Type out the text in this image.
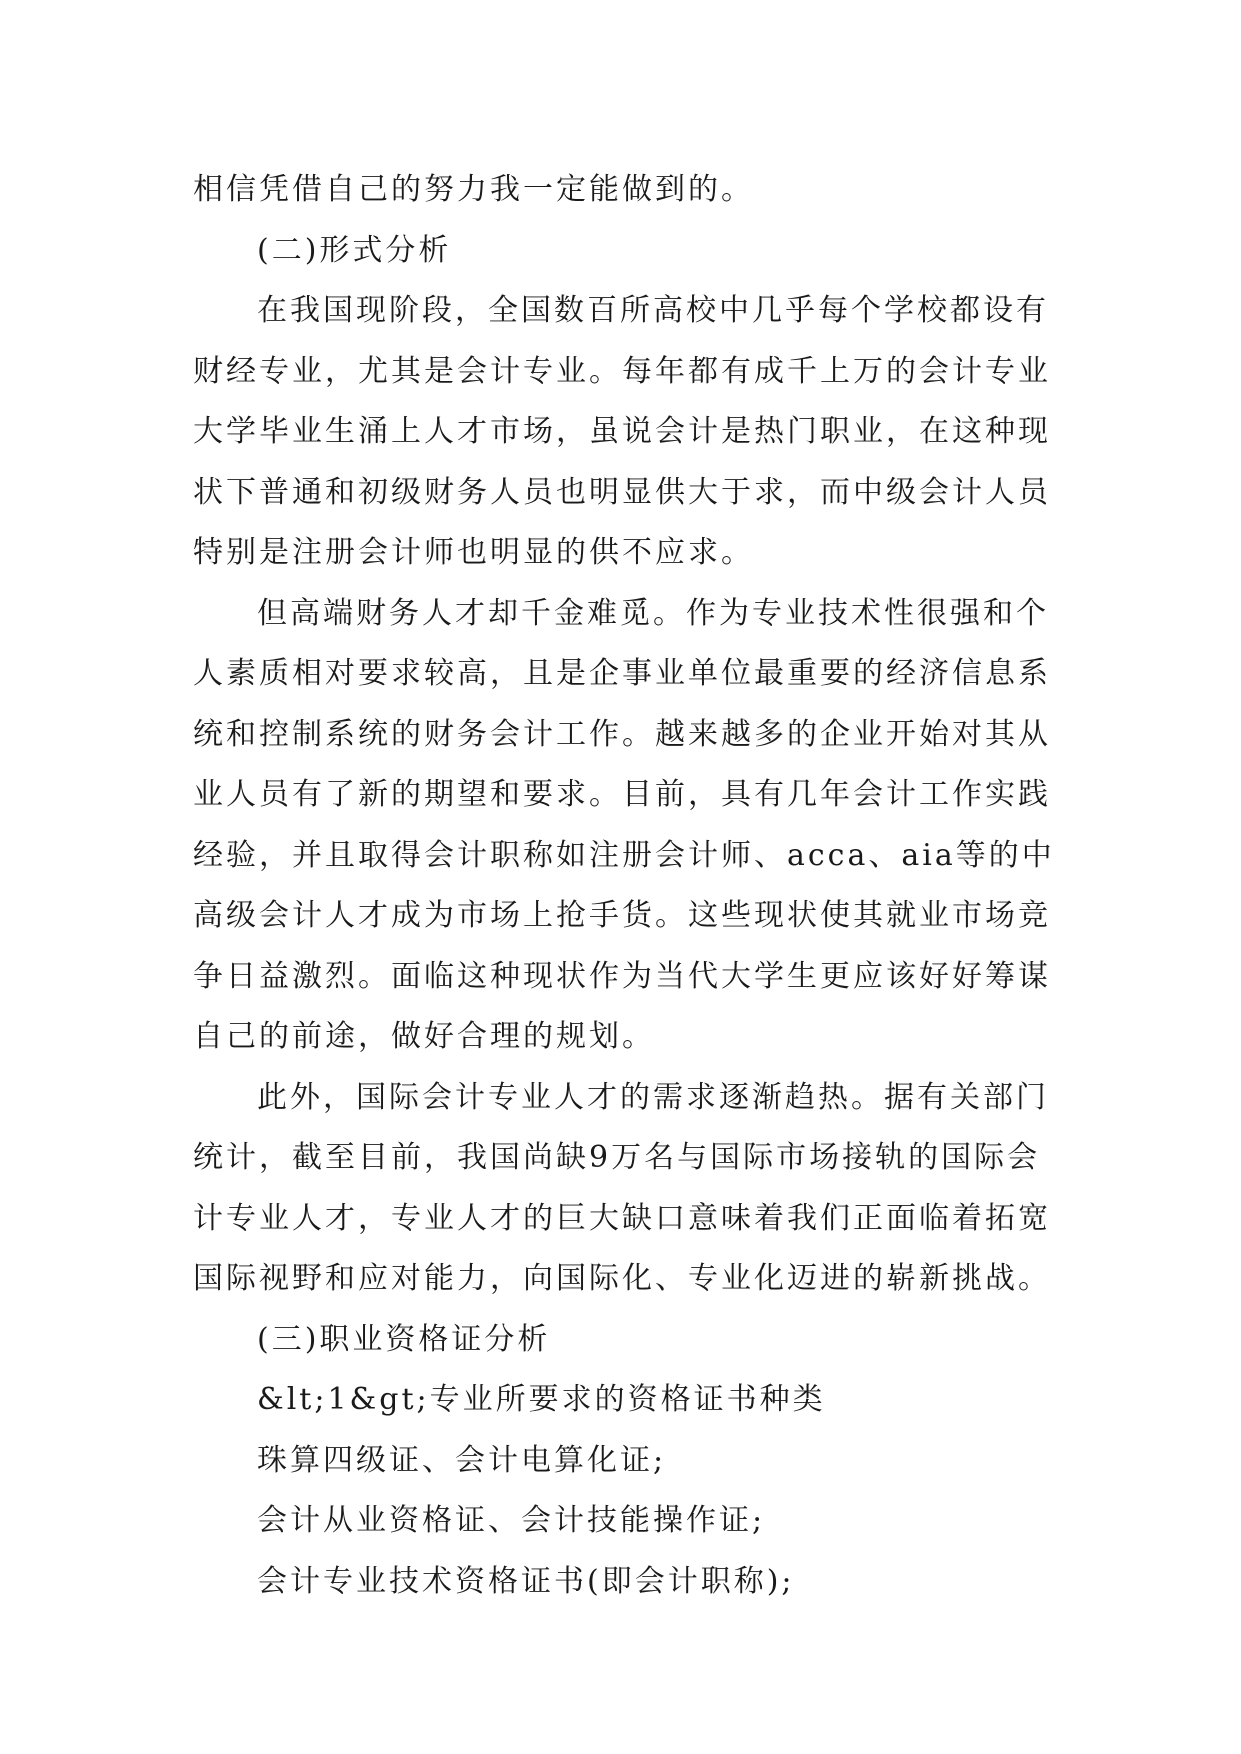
相信凭借自己的努力我一定能做到的。
(二)形式分析
在我国现阶段，全国数百所高校中几乎每个学校都设有
财经专业，尤其是会计专业。每年都有成千上万的会计专业
大学毕业生涌上人才市场，虽说会计是热门职业，在这种现
状下普通和初级财务人员也明显供大于求，而中级会计人员
特别是注册会计师也明显的供不应求。
但高端财务人才却千金难觅。作为专业技术性很强和个
人素质相对要求较高，且是企事业单位最重要的经济信息系
统和控制系统的财务会计工作。越来越多的企业开始对其从
业人员有了新的期望和要求。目前，具有几年会计工作实践
经验，并且取得会计职称如注册会计师、acca、aia等的中
高级会计人才成为市场上抢手货。这些现状使其就业市场竞
争日益激烈。面临这种现状作为当代大学生更应该好好筹谋
自己的前途，做好合理的规划。
此外，国际会计专业人才的需求逐渐趋热。据有关部门
统计，截至目前，我国尚缺9万名与国际市场接轨的国际会
计专业人才，专业人才的巨大缺口意味着我们正面临着拓宽
国际视野和应对能力，向国际化、专业化迈进的崭新挑战。
(三)职业资格证分析
&lt;1&gt;专业所要求的资格证书种类
珠算四级证、会计电算化证;
会计从业资格证、会计技能操作证;
会计专业技术资格证书(即会计职称);
